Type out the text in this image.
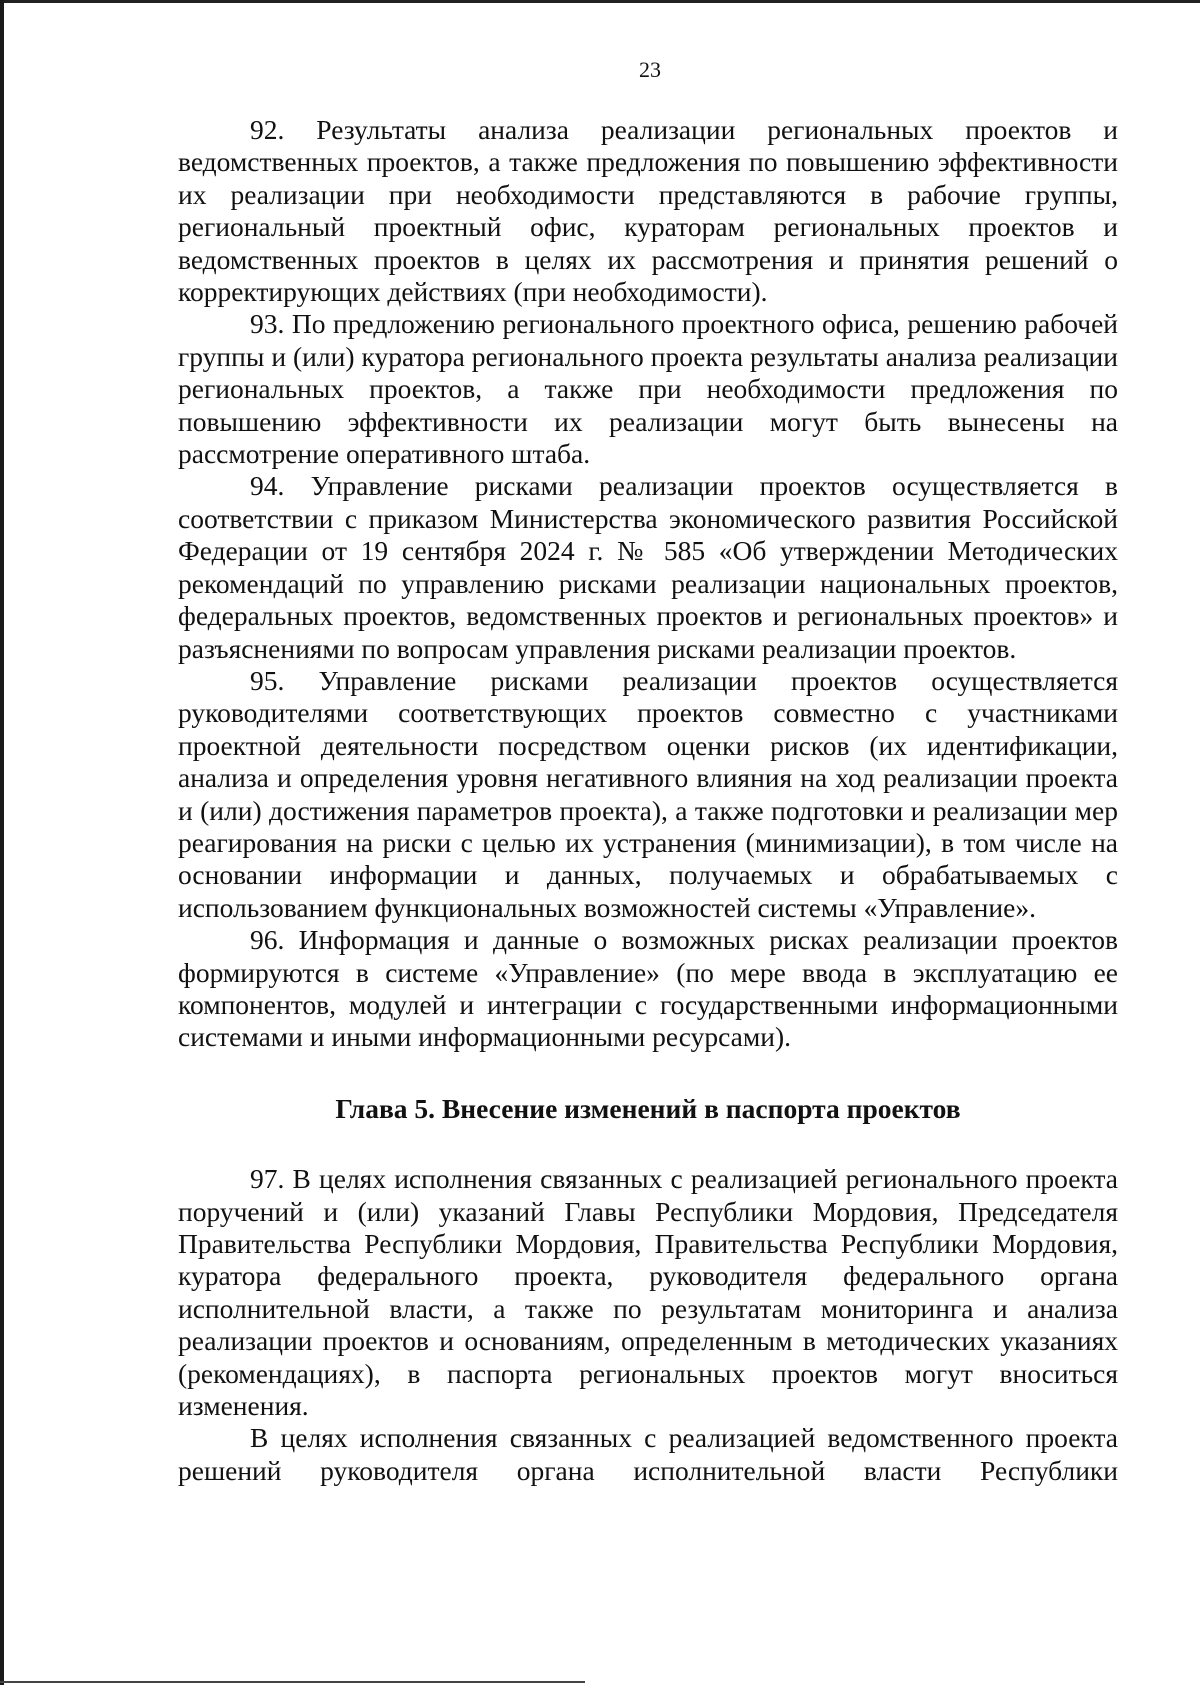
23

92. Результаты анализа реализации региональных проектов и ведомственных проектов, а также предложения по повышению эффективности их реализации при необходимости представляются в рабочие группы, региональный проектный офис, кураторам региональных проектов и ведомственных проектов в целях их рассмотрения и принятия решений о корректирующих действиях (при необходимости).

93. По предложению регионального проектного офиса, решению рабочей группы и (или) куратора регионального проекта результаты анализа реализации региональных проектов, а также при необходимости предложения по повышению эффективности их реализации могут быть вынесены на рассмотрение оперативного штаба.

94. Управление рисками реализации проектов осуществляется в соответствии с приказом Министерства экономического развития Российской Федерации от 19 сентября 2024 г. № 585 «Об утверждении Методических рекомендаций по управлению рисками реализации национальных проектов, федеральных проектов, ведомственных проектов и региональных проектов» и разъяснениями по вопросам управления рисками реализации проектов.

95. Управление рисками реализации проектов осуществляется руководителями соответствующих проектов совместно с участниками проектной деятельности посредством оценки рисков (их идентификации, анализа и определения уровня негативного влияния на ход реализации проекта и (или) достижения параметров проекта), а также подготовки и реализации мер реагирования на риски с целью их устранения (минимизации), в том числе на основании информации и данных, получаемых и обрабатываемых с использованием функциональных возможностей системы «Управление».

96. Информация и данные о возможных рисках реализации проектов формируются в системе «Управление» (по мере ввода в эксплуатацию ее компонентов, модулей и интеграции с государственными информационными системами и иными информационными ресурсами).

Глава 5. Внесение изменений в паспорта проектов

97. В целях исполнения связанных с реализацией регионального проекта поручений и (или) указаний Главы Республики Мордовия, Председателя Правительства Республики Мордовия, Правительства Республики Мордовия, куратора федерального проекта, руководителя федерального органа исполнительной власти, а также по результатам мониторинга и анализа реализации проектов и основаниям, определенным в методических указаниях (рекомендациях), в паспорта региональных проектов могут вноситься изменения.

В целях исполнения связанных с реализацией ведомственного проекта решений руководителя органа исполнительной власти Республики
